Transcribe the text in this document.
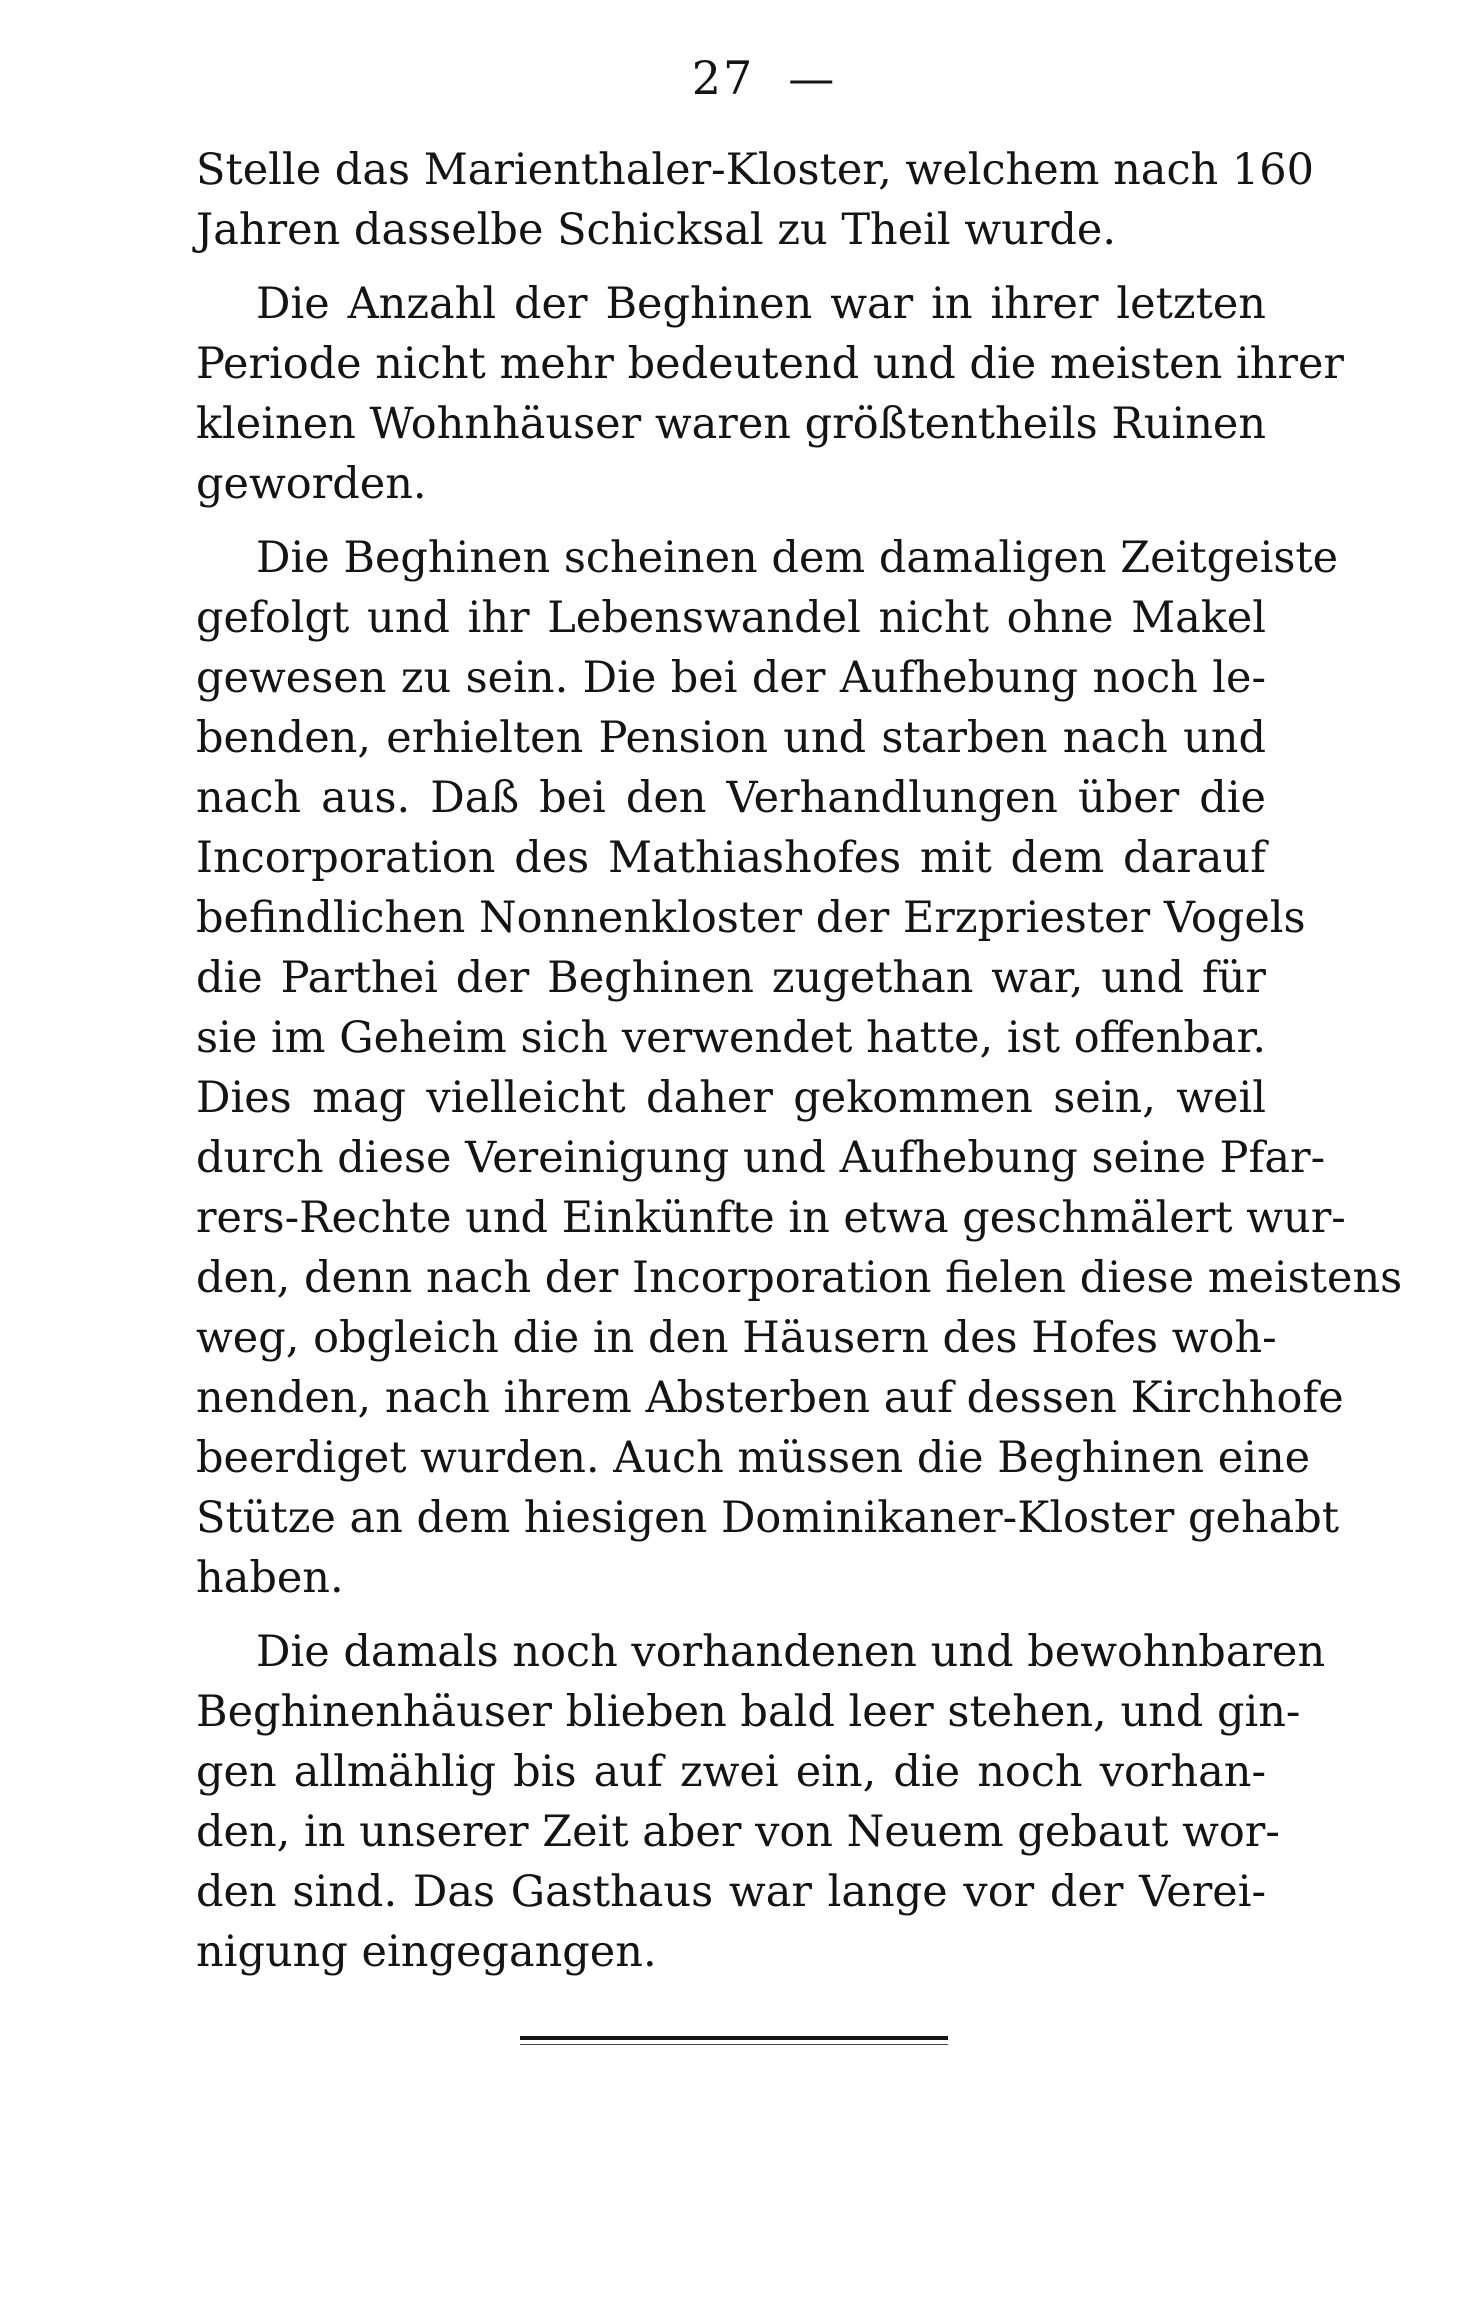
27 —
Stelle das Marienthaler-Kloster, welchem nach 160
Jahren dasselbe Schicksal zu Theil wurde.
Die Anzahl der Beghinen war in ihrer letzten
Periode nicht mehr bedeutend und die meisten ihrer
kleinen Wohnhäuser waren größtentheils Ruinen
geworden.
Die Beghinen scheinen dem damaligen Zeitgeiste
gefolgt und ihr Lebenswandel nicht ohne Makel
gewesen zu sein. Die bei der Aufhebung noch le-
benden, erhielten Pension und starben nach und
nach aus. Daß bei den Verhandlungen über die
Incorporation des Mathiashofes mit dem darauf
befindlichen Nonnenkloster der Erzpriester Vogels
die Parthei der Beghinen zugethan war, und für
sie im Geheim sich verwendet hatte, ist offenbar.
Dies mag vielleicht daher gekommen sein, weil
durch diese Vereinigung und Aufhebung seine Pfar-
rers-Rechte und Einkünfte in etwa geschmälert wur-
den, denn nach der Incorporation fielen diese meistens
weg, obgleich die in den Häusern des Hofes woh-
nenden, nach ihrem Absterben auf dessen Kirchhofe
beerdiget wurden. Auch müssen die Beghinen eine
Stütze an dem hiesigen Dominikaner-Kloster gehabt
haben.
Die damals noch vorhandenen und bewohnbaren
Beghinenhäuser blieben bald leer stehen, und gin-
gen allmählig bis auf zwei ein, die noch vorhan-
den, in unserer Zeit aber von Neuem gebaut wor-
den sind. Das Gasthaus war lange vor der Verei-
nigung eingegangen.
